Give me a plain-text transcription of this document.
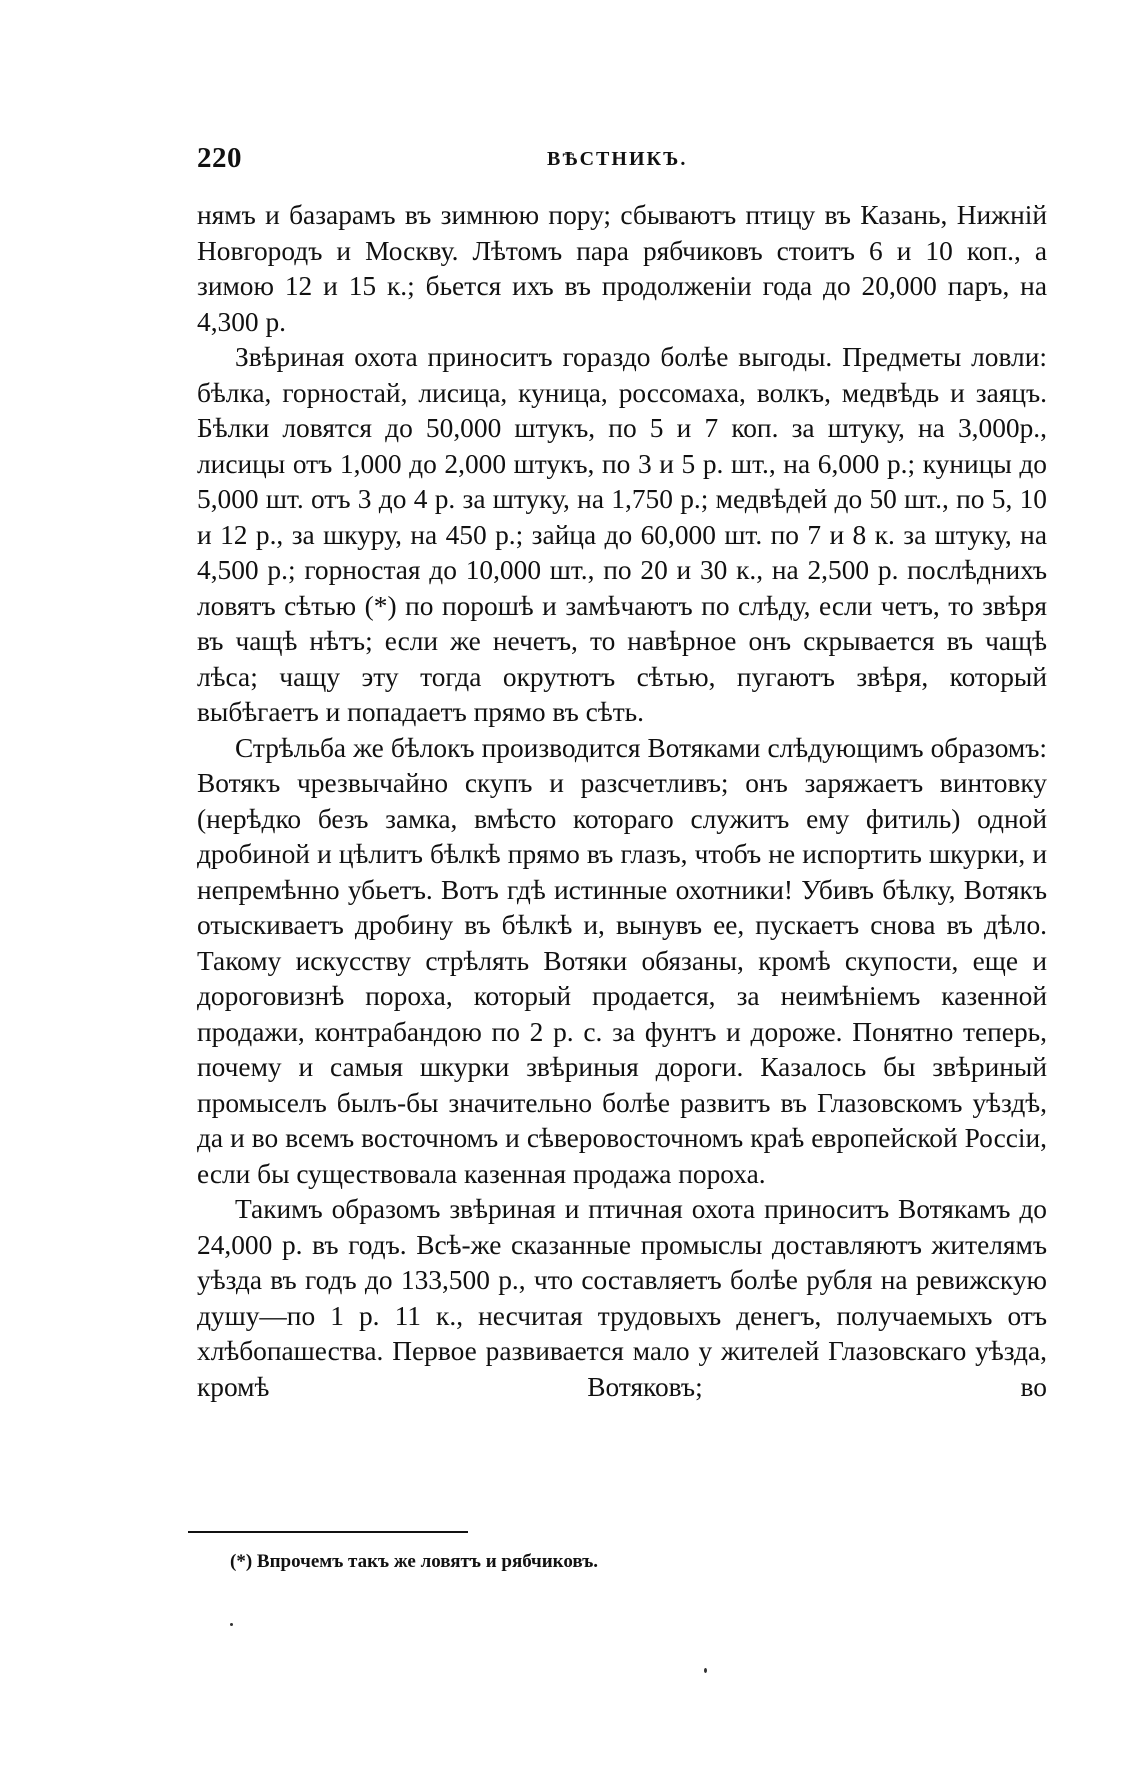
220	ВѢСТНИКЪ.

нямъ и базарамъ въ зимнюю пору; сбываютъ птицу въ Казань, Нижній Новгородъ и Москву. Лѣтомъ пара рябчиковъ стоитъ 6 и 10 коп., а зимою 12 и 15 к.; бьется ихъ въ продолженіи года до 20,000 паръ, на 4,300 р.

Звѣриная охота приноситъ гораздо болѣе выгоды. Предметы ловли: бѣлка, горностай, лисица, куница, россомаха, волкъ, медвѣдь и заяцъ. Бѣлки ловятся до 50,000 штукъ, по 5 и 7 коп. за штуку, на 3,000р., лисицы отъ 1,000 до 2,000 штукъ, по 3 и 5 р. шт., на 6,000 р.; куницы до 5,000 шт. отъ 3 до 4 р. за штуку, на 1,750 р.; медвѣдей до 50 шт., по 5, 10 и 12 р., за шкуру, на 450 р.; зайца до 60,000 шт. по 7 и 8 к. за штуку, на 4,500 р.; горностая до 10,000 шт., по 20 и 30 к., на 2,500 р. послѣднихъ ловятъ сѣтью (*) по порошѣ и замѣчаютъ по слѣду, если четъ, то звѣря въ чащѣ нѣтъ; если же нечетъ, то навѣрное онъ скрывается въ чащѣ лѣса; чащу эту тогда окрутютъ сѣтью, пугаютъ звѣря, который выбѣгаетъ и попадаетъ прямо въ сѣть.

Стрѣльба же бѣлокъ производится Вотяками слѣдующимъ образомъ: Вотякъ чрезвычайно скупъ и разсчетливъ; онъ заряжаетъ винтовку (нерѣдко безъ замка, вмѣсто котораго служитъ ему фитиль) одной дробиной и цѣлитъ бѣлкѣ прямо въ глазъ, чтобъ не испортить шкурки, и непремѣнно убьетъ. Вотъ гдѣ истинные охотники! Убивъ бѣлку, Вотякъ отыскиваетъ дробину въ бѣлкѣ и, вынувъ ее, пускаетъ снова въ дѣло. Такому искусству стрѣлять Вотяки обязаны, кромѣ скупости, еще и дороговизнѣ пороха, который продается, за неимѣніемъ казенной продажи, контрабандою по 2 р. с. за фунтъ и дороже. Понятно теперь, почему и самыя шкурки звѣриныя дороги. Казалось бы звѣриный промыселъ былъ-бы значительно болѣе развитъ въ Глазовскомъ уѣздѣ, да и во всемъ восточномъ и сѣверовосточномъ краѣ европейской Россіи, если бы существовала казенная продажа пороха.

Такимъ образомъ звѣриная и птичная охота приноситъ Вотякамъ до 24,000 р. въ годъ. Всѣ-же сказанные промыслы доставляютъ жителямъ уѣзда въ годъ до 133,500 р., что составляетъ болѣе рубля на ревижскую душу—по 1 р. 11 к., несчитая трудовыхъ денегъ, получаемыхъ отъ хлѣбопашества. Первое развивается мало у жителей Глазовскаго уѣзда, кромѣ Вотяковъ; во

(*) Впрочемъ такъ же ловятъ и рябчиковъ.
